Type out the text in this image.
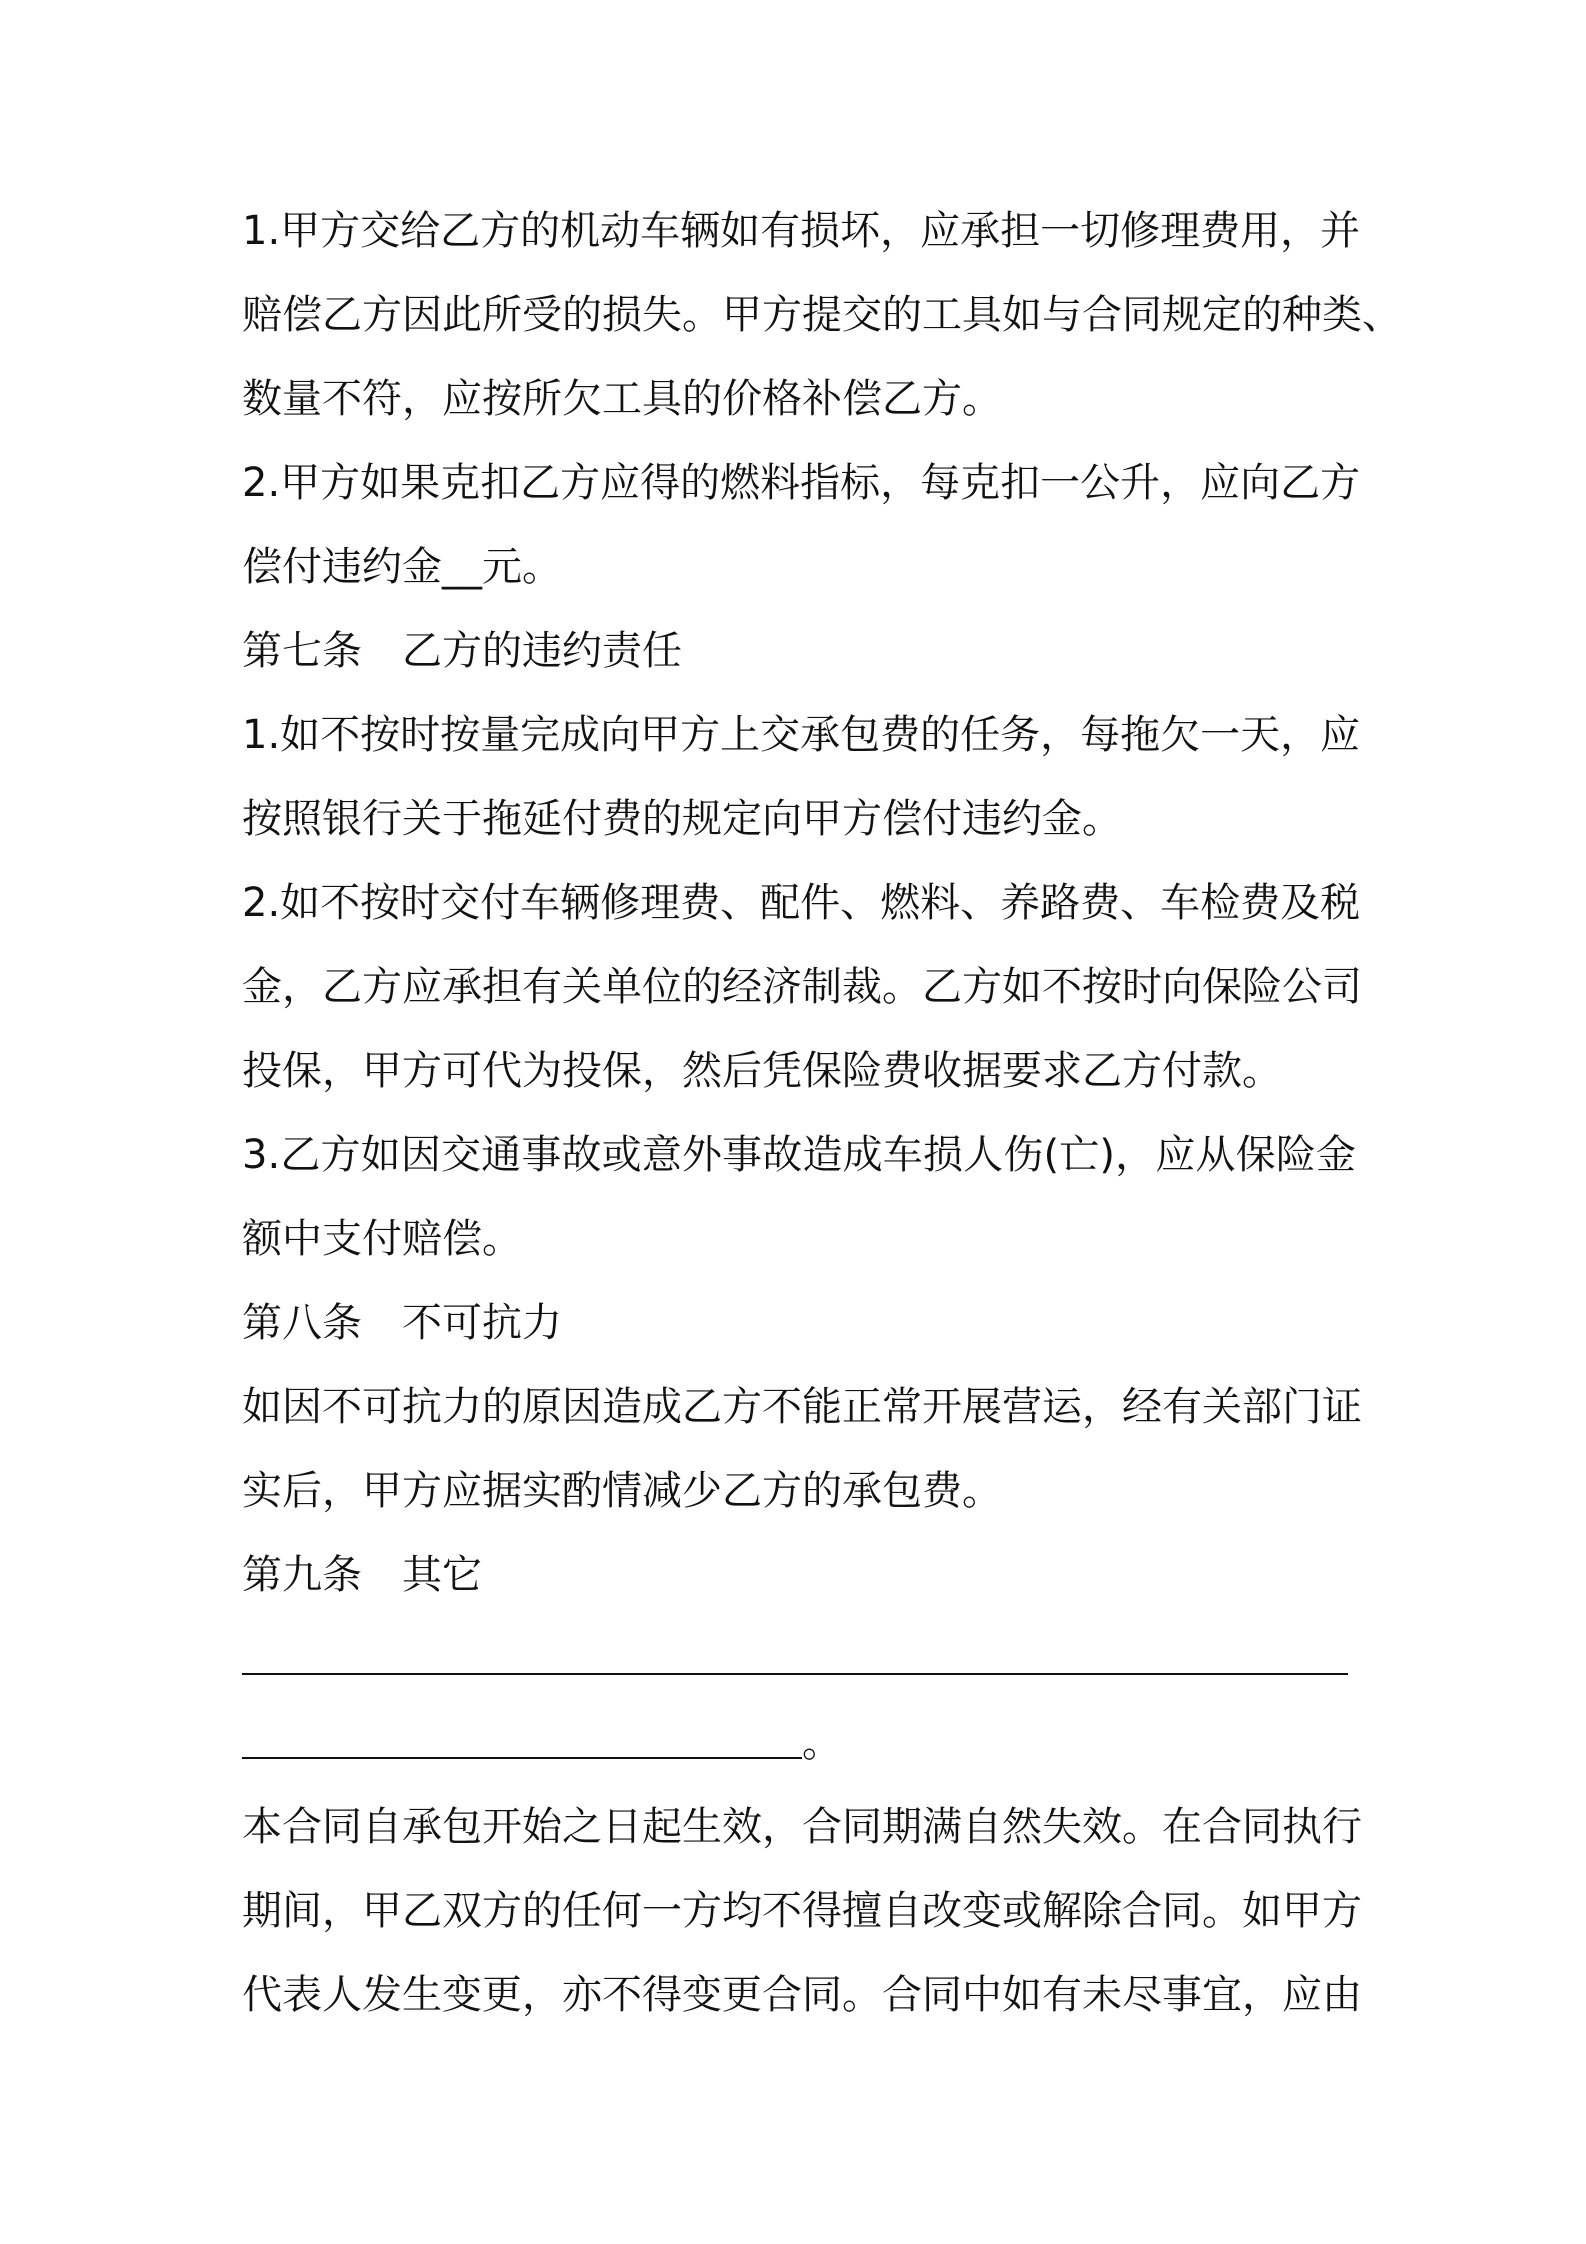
1.甲方交给乙方的机动车辆如有损坏，应承担一切修理费用，并
赔偿乙方因此所受的损失。甲方提交的工具如与合同规定的种类、
数量不符，应按所欠工具的价格补偿乙方。
2.甲方如果克扣乙方应得的燃料指标，每克扣一公升，应向乙方
偿付违约金__元。
第七条 乙方的违约责任
1.如不按时按量完成向甲方上交承包费的任务，每拖欠一天，应
按照银行关于拖延付费的规定向甲方偿付违约金。
2.如不按时交付车辆修理费、配件、燃料、养路费、车检费及税
金，乙方应承担有关单位的经济制裁。乙方如不按时向保险公司
投保，甲方可代为投保，然后凭保险费收据要求乙方付款。
3.乙方如因交通事故或意外事故造成车损人伤(亡)，应从保险金
额中支付赔偿。
第八条 不可抗力
如因不可抗力的原因造成乙方不能正常开展营运，经有关部门证
实后，甲方应据实酌情减少乙方的承包费。
第九条 其它
。
本合同自承包开始之日起生效，合同期满自然失效。在合同执行
期间，甲乙双方的任何一方均不得擅自改变或解除合同。如甲方
代表人发生变更，亦不得变更合同。合同中如有未尽事宜，应由
